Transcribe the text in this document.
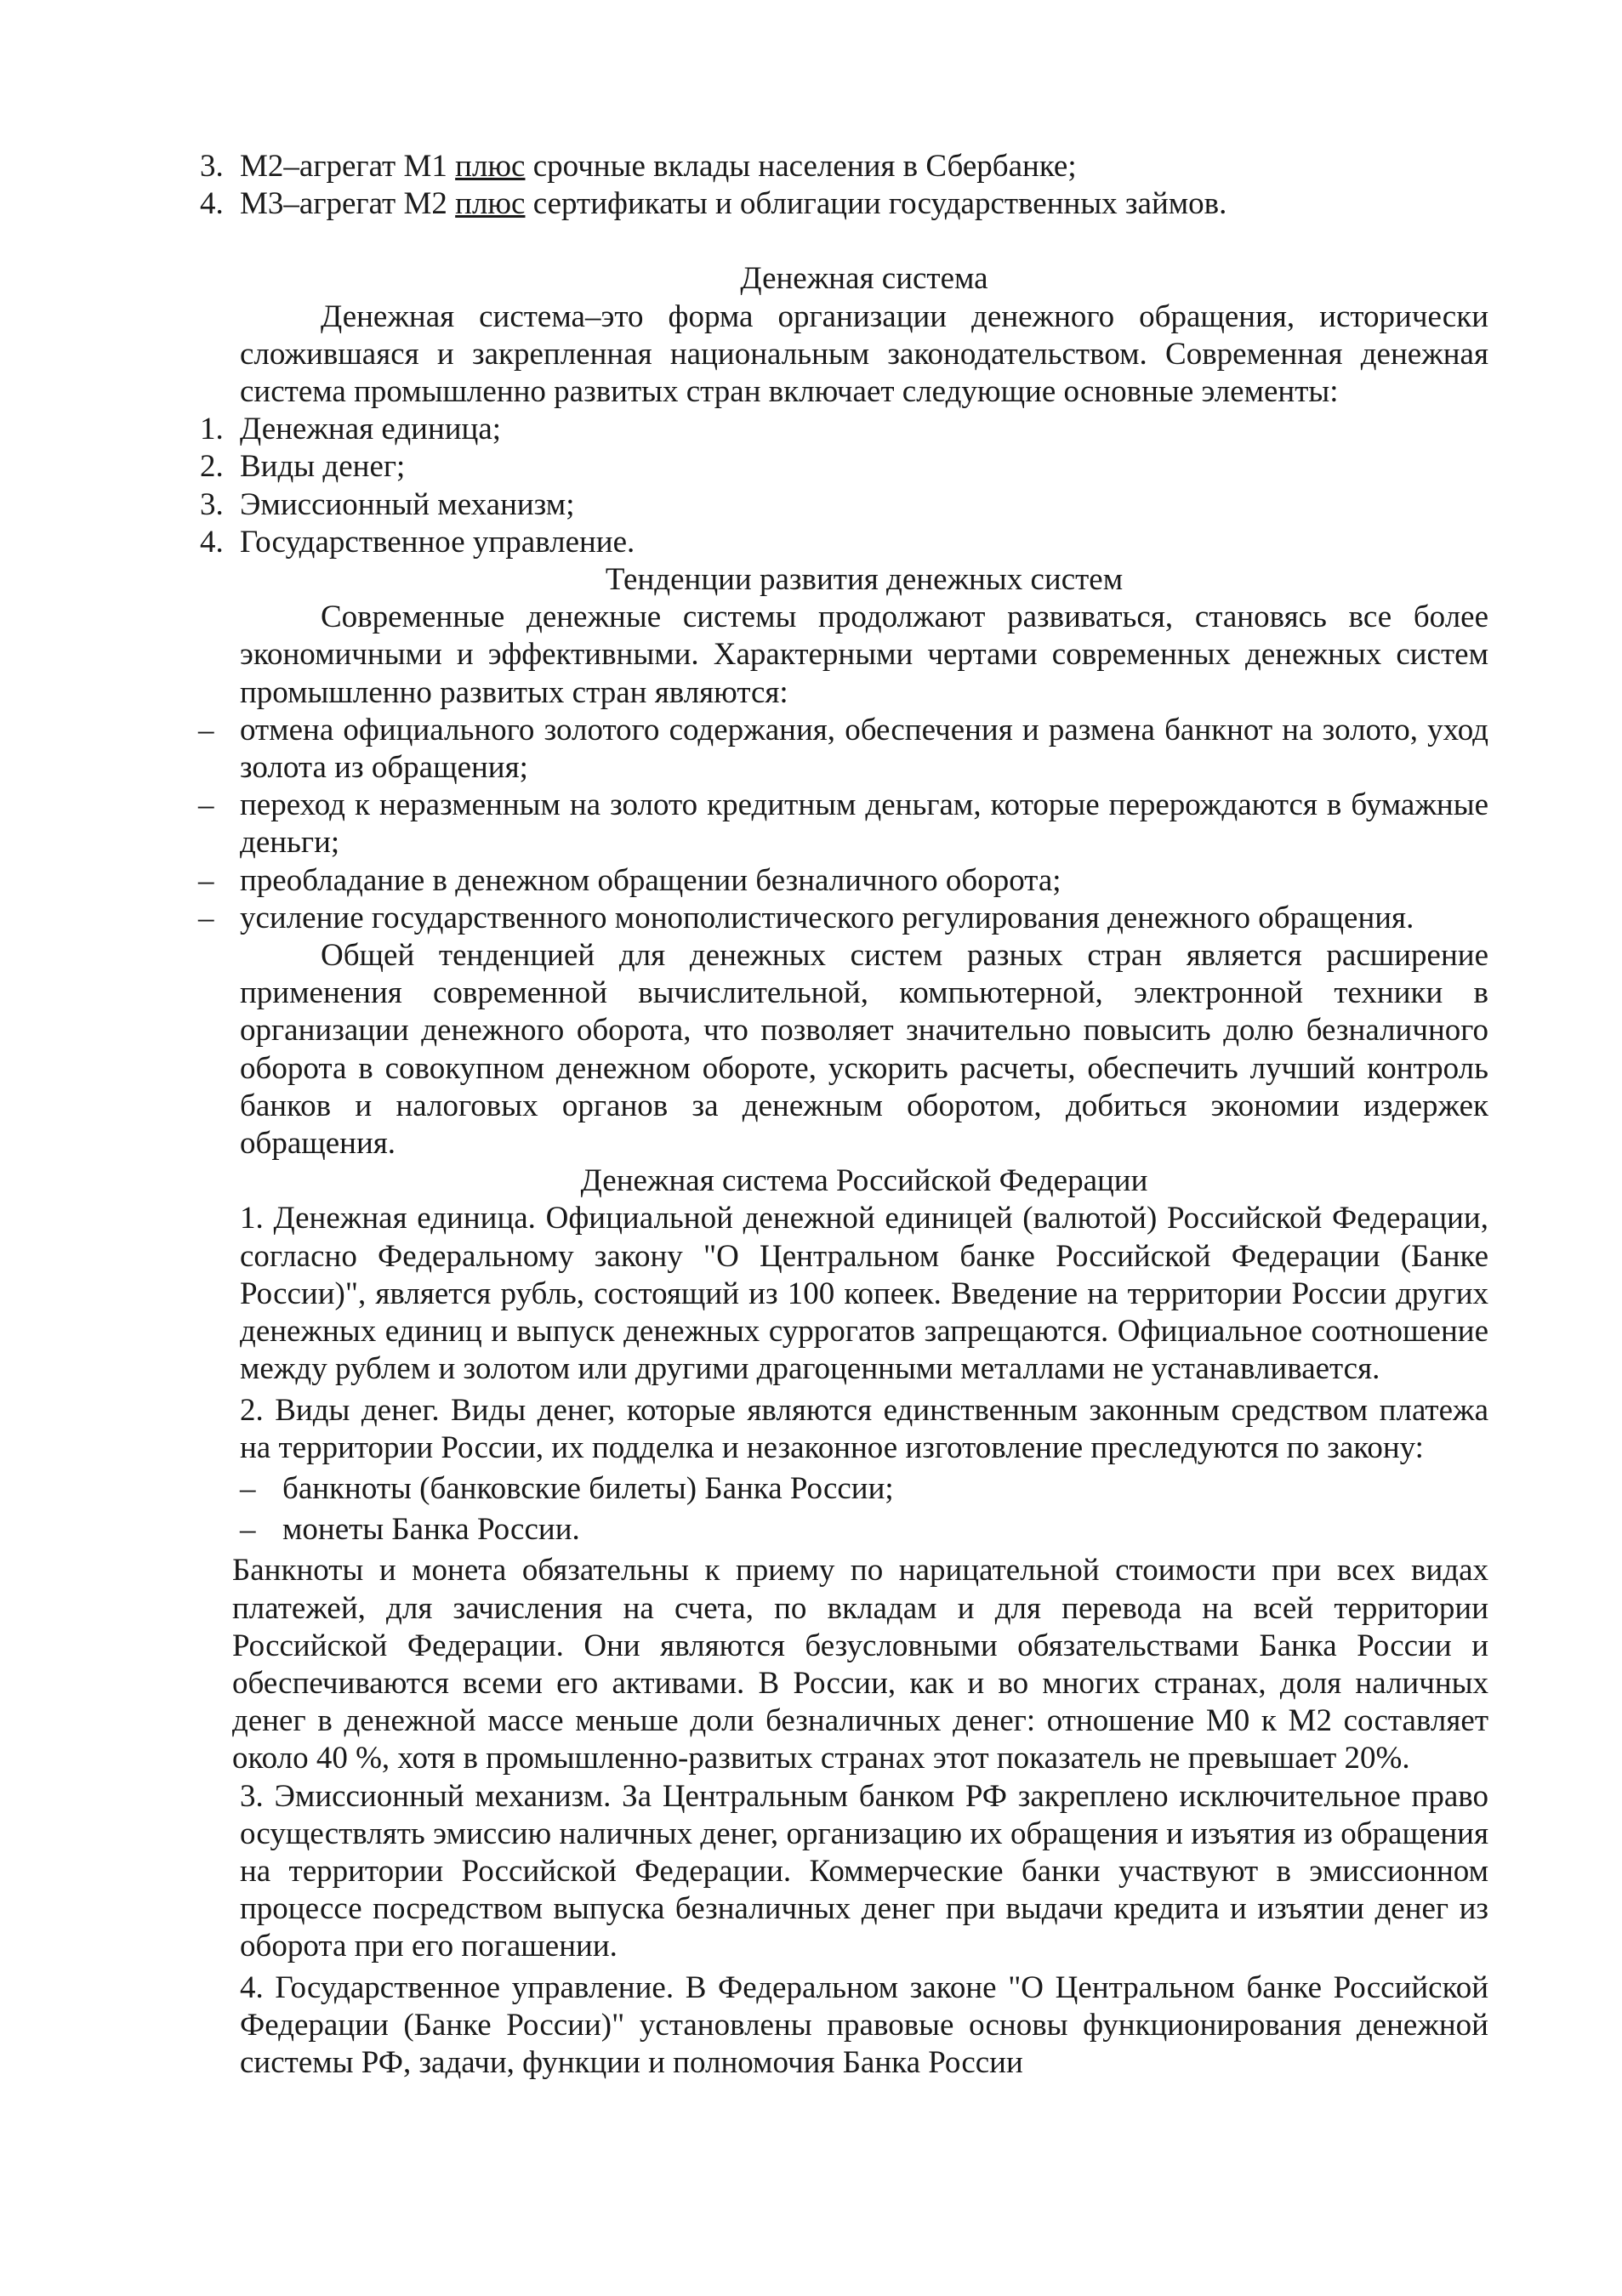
3. М2–агрегат М1 плюс срочные вклады населения в Сбербанке;
4. М3–агрегат М2 плюс сертификаты и облигации государственных займов.
Денежная система
Денежная система–это форма организации денежного обращения, исторически сложившаяся и закрепленная национальным законодательством. Современная денежная система промышленно развитых стран включает следующие основные элементы:
1. Денежная единица;
2. Виды денег;
3. Эмиссионный механизм;
4. Государственное управление.
Тенденции развития денежных систем
Современные денежные системы продолжают развиваться, становясь все более экономичными и эффективными. Характерными чертами современных денежных систем промышленно развитых стран являются:
– отмена официального золотого содержания, обеспечения и размена банкнот на золото, уход золота из обращения;
– переход к неразменным на золото кредитным деньгам, которые перерождаются в бумажные деньги;
– преобладание в денежном обращении безналичного оборота;
– усиление государственного монополистического регулирования денежного обращения.
Общей тенденцией для денежных систем разных стран является расширение применения современной вычислительной, компьютерной, электронной техники в организации денежного оборота, что позволяет значительно повысить долю безналичного оборота в совокупном денежном обороте, ускорить расчеты, обеспечить лучший контроль банков и налоговых органов за денежным оборотом, добиться экономии издержек обращения.
Денежная система Российской Федерации
1. Денежная единица. Официальной денежной единицей (валютой) Российской Федерации, согласно Федеральному закону "О Центральном банке Российской Федерации (Банке России)", является рубль, состоящий из 100 копеек. Введение на территории России других денежных единиц и выпуск денежных суррогатов запрещаются. Официальное соотношение между рублем и золотом или другими драгоценными металлами не устанавливается.
2. Виды денег. Виды денег, которые являются единственным законным средством платежа на территории России, их подделка и незаконное изготовление преследуются по закону:
– банкноты (банковские билеты) Банка России;
– монеты Банка России.
Банкноты и монета обязательны к приему по нарицательной стоимости при всех видах платежей, для зачисления на счета, по вкладам и для перевода на всей территории Российской Федерации. Они являются безусловными обязательствами Банка России и обеспечиваются всеми его активами. В России, как и во многих странах, доля наличных денег в денежной массе меньше доли безналичных денег: отношение М0 к М2 составляет около 40 %, хотя в промышленно-развитых странах этот показатель не превышает 20%.
3. Эмиссионный механизм. За Центральным банком РФ закреплено исключительное право осуществлять эмиссию наличных денег, организацию их обращения и изъятия из обращения на территории Российской Федерации. Коммерческие банки участвуют в эмиссионном процессе посредством выпуска безналичных денег при выдачи кредита и изъятии денег из оборота при его погашении.
4. Государственное управление. В Федеральном законе "О Центральном банке Российской Федерации (Банке России)" установлены правовые основы функционирования денежной системы РФ, задачи, функции и полномочия Банка России
